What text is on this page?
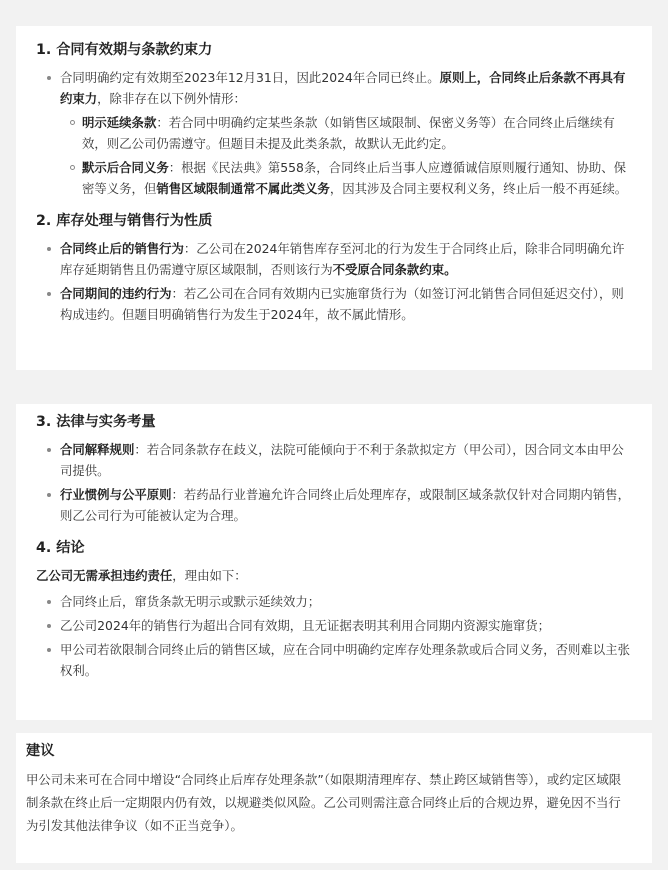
1. 合同有效期与条款约束力
合同明确约定有效期至2023年12月31日，因此2024年合同已终止。原则上，合同终止后条款不再具有约束力，除非存在以下例外情形：
明示延续条款：若合同中明确约定某些条款（如销售区域限制、保密义务等）在合同终止后继续有效，则乙公司仍需遵守。但题目未提及此类条款，故默认无此约定。
默示后合同义务：根据《民法典》第558条，合同终止后当事人应遵循诚信原则履行通知、协助、保密等义务，但销售区域限制通常不属此类义务，因其涉及合同主要权利义务，终止后一般不再延续。
2. 库存处理与销售行为性质
合同终止后的销售行为：乙公司在2024年销售库存至河北的行为发生于合同终止后，除非合同明确允许库存延期销售且仍需遵守原区域限制，否则该行为不受原合同条款约束。
合同期间的违约行为：若乙公司在合同有效期内已实施窜货行为（如签订河北销售合同但延迟交付），则构成违约。但题目明确销售行为发生于2024年，故不属此情形。
3. 法律与实务考量
合同解释规则：若合同条款存在歧义，法院可能倾向于不利于条款拟定方（甲公司），因合同文本由甲公司提供。
行业惯例与公平原则：若药品行业普遍允许合同终止后处理库存，或限制区域条款仅针对合同期内销售，则乙公司行为可能被认定为合理。
4. 结论

乙公司无需承担违约责任，理由如下：

合同终止后，窜货条款无明示或默示延续效力；
乙公司2024年的销售行为超出合同有效期，且无证据表明其利用合同期内资源实施窜货；
甲公司若欲限制合同终止后的销售区域，应在合同中明确约定库存处理条款或后合同义务，否则难以主张权利。
建议

甲公司未来可在合同中增设“合同终止后库存处理条款”（如限期清理库存、禁止跨区域销售等），或约定区域限制条款在终止后一定期限内仍有效，以规避类似风险。乙公司则需注意合同终止后的合规边界，避免因不当行为引发其他法律争议（如不正当竞争）。
